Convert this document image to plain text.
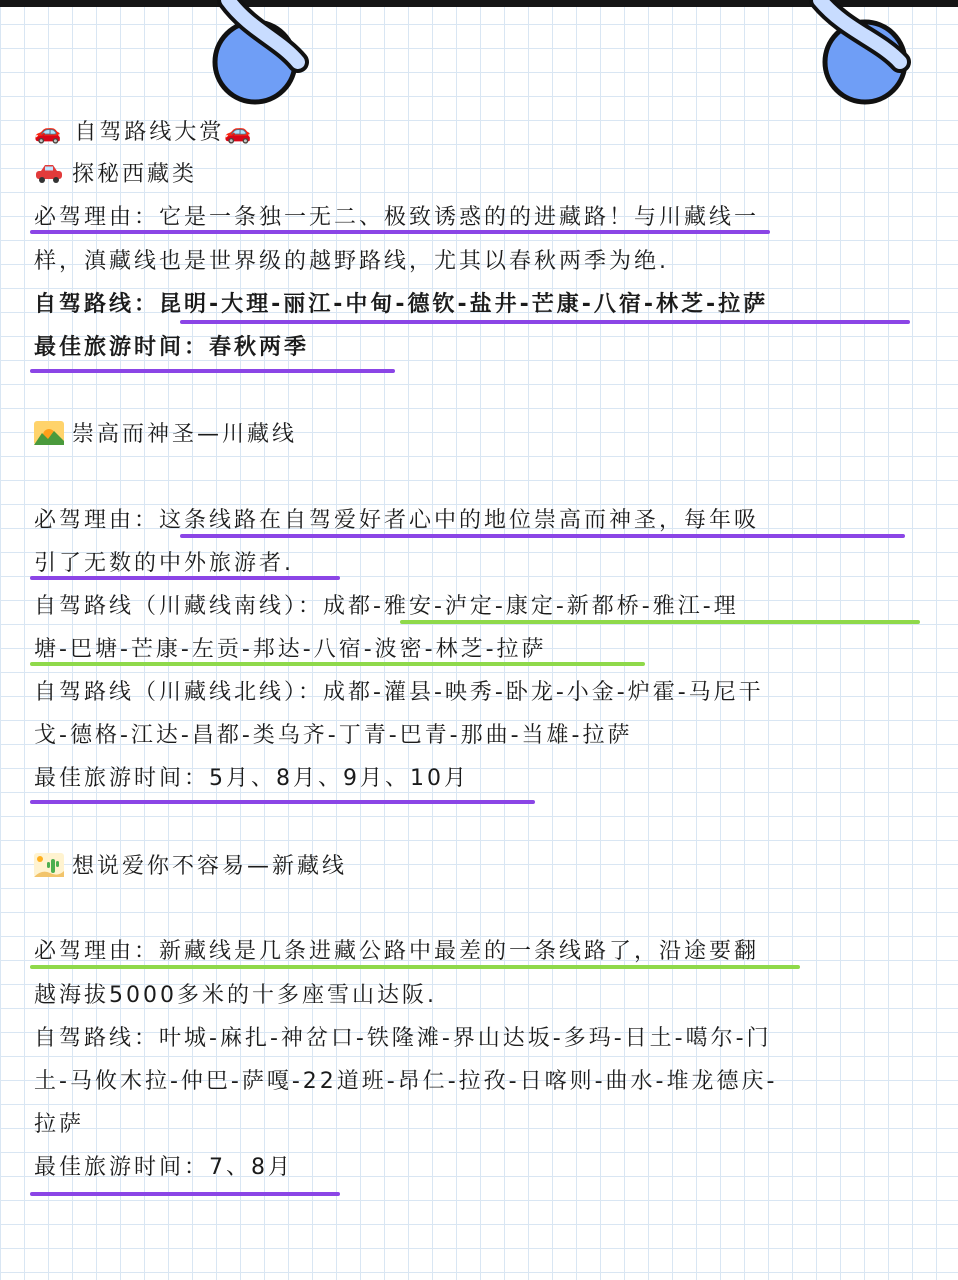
🚗 自驾路线大赏🚗
探秘西藏类
必驾理由：它是一条独一无二、极致诱惑的的进藏路！与川藏线一
样，滇藏线也是世界级的越野路线，尤其以春秋两季为绝.
自驾路线：昆明-大理-丽江-中甸-德钦-盐井-芒康-八宿-林芝-拉萨
最佳旅游时间：春秋两季
崇高而神圣—川藏线
必驾理由：这条线路在自驾爱好者心中的地位崇高而神圣，每年吸
引了无数的中外旅游者.
自驾路线（川藏线南线）：成都-雅安-泸定-康定-新都桥-雅江-理
塘-巴塘-芒康-左贡-邦达-八宿-波密-林芝-拉萨
自驾路线（川藏线北线）：成都-灌县-映秀-卧龙-小金-炉霍-马尼干
戈-德格-江达-昌都-类乌齐-丁青-巴青-那曲-当雄-拉萨
最佳旅游时间：5月、8月、9月、10月
想说爱你不容易—新藏线
必驾理由：新藏线是几条进藏公路中最差的一条线路了，沿途要翻
越海拔5000多米的十多座雪山达阪.
自驾路线：叶城-麻扎-神岔口-铁隆滩-界山达坂-多玛-日土-噶尔-门
土-马攸木拉-仲巴-萨嘎-22道班-昂仁-拉孜-日喀则-曲水-堆龙德庆-
拉萨
最佳旅游时间：7、8月
